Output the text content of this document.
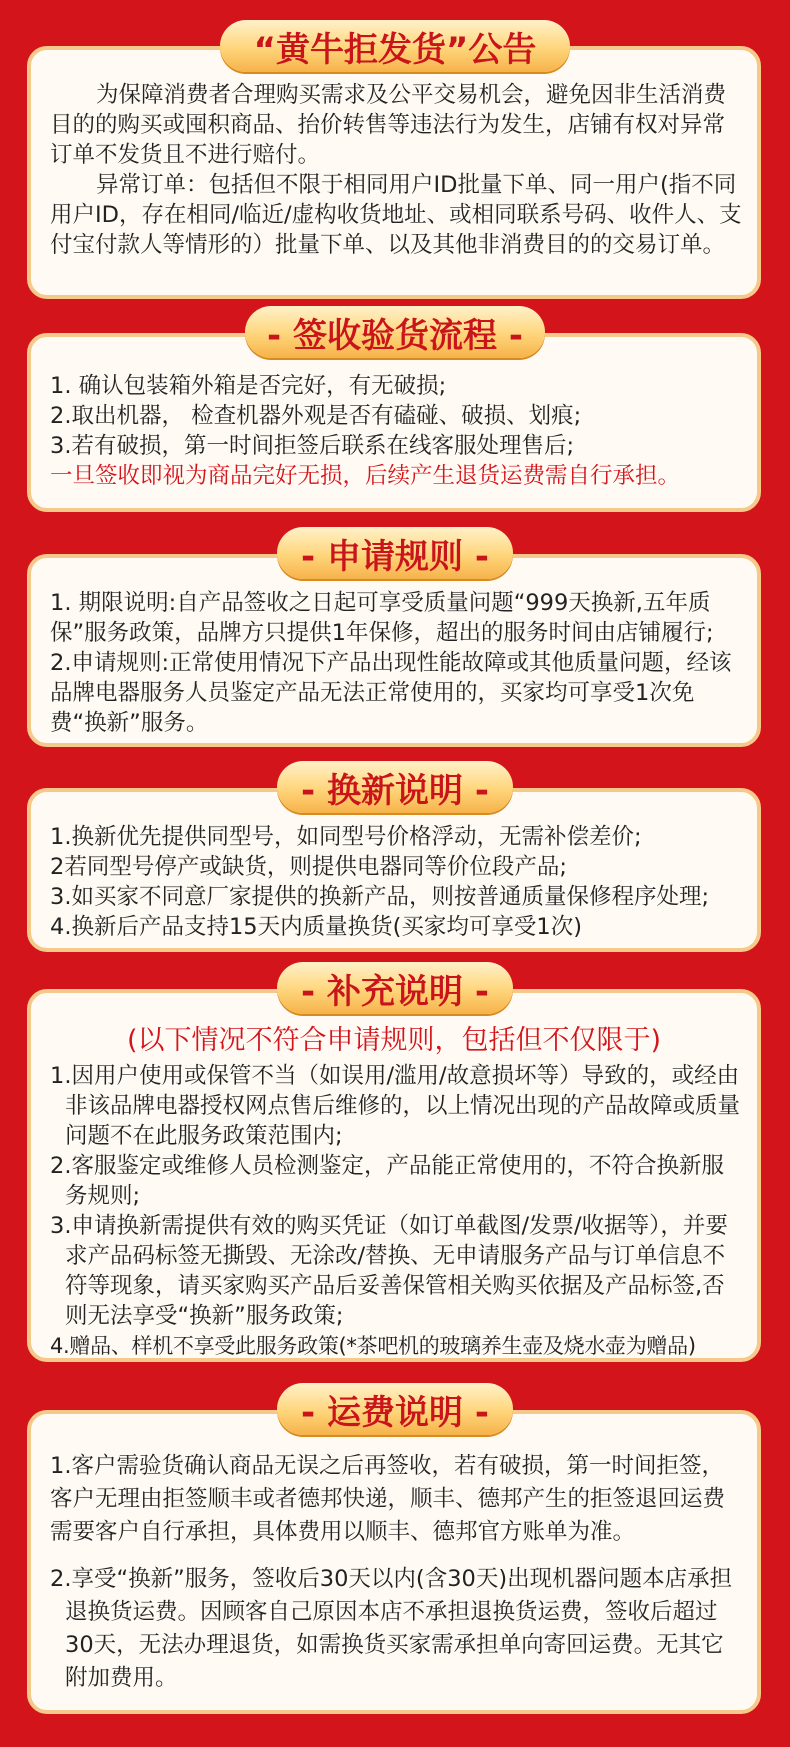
为保障消费者合理购买需求及公平交易机会，避免因非生活消费目的的购买或囤积商品、抬价转售等违法行为发生，店铺有权对异常订单不发货且不进行赔付。

异常订单：包括但不限于相同用户ID批量下单、同一用户(指不同用户ID，存在相同/临近/虚构收货地址、或相同联系号码、收件人、支付宝付款人等情形的）批量下单、以及其他非消费目的的交易订单。

“黄牛拒发货”公告

1. 确认包装箱外箱是否完好，有无破损;

2.取出机器， 检查机器外观是否有磕碰、破损、划痕;

3.若有破损，第一时间拒签后联系在线客服处理售后;

一旦签收即视为商品完好无损，后续产生退货运费需自行承担。

- 签收验货流程 -

1. 期限说明:自产品签收之日起可享受质量问题“999天换新,五年质保”服务政策，品牌方只提供1年保修，超出的服务时间由店铺履行;

2.申请规则:正常使用情况下产品出现性能故障或其他质量问题，经该品牌电器服务人员鉴定产品无法正常使用的，买家均可享受1次免费“换新”服务。

- 申请规则 -

1.换新优先提供同型号，如同型号价格浮动，无需补偿差价;

2若同型号停产或缺货，则提供电器同等价位段产品;

3.如买家不同意厂家提供的换新产品，则按普通质量保修程序处理;

4.换新后产品支持15天内质量换货(买家均可享受1次)

- 换新说明 -
(以下情况不符合申请规则，包括但不仅限于)

1.因用户使用或保管不当（如误用/滥用/故意损坏等）导致的，或经由非该品牌电器授权网点售后维修的，以上情况出现的产品故障或质量问题不在此服务政策范围内;

2.客服鉴定或维修人员检测鉴定，产品能正常使用的，不符合换新服务规则;

3.申请换新需提供有效的购买凭证（如订单截图/发票/收据等），并要求产品码标签无撕毁、无涂改/替换、无申请服务产品与订单信息不符等现象，请买家购买产品后妥善保管相关购买依据及产品标签,否则无法享受“换新”服务政策;

4.赠品、样机不享受此服务政策(*茶吧机的玻璃养生壶及烧水壶为赠品)

- 补充说明 -

1.客户需验货确认商品无误之后再签收，若有破损，第一时间拒签，客户无理由拒签顺丰或者德邦快递，顺丰、德邦产生的拒签退回运费需要客户自行承担，具体费用以顺丰、德邦官方账单为准。

2.享受“换新”服务，签收后30天以内(含30天)出现机器问题本店承担退换货运费。因顾客自己原因本店不承担退换货运费，签收后超过30天，无法办理退货，如需换货买家需承担单向寄回运费。无其它附加费用。

- 运费说明 -
